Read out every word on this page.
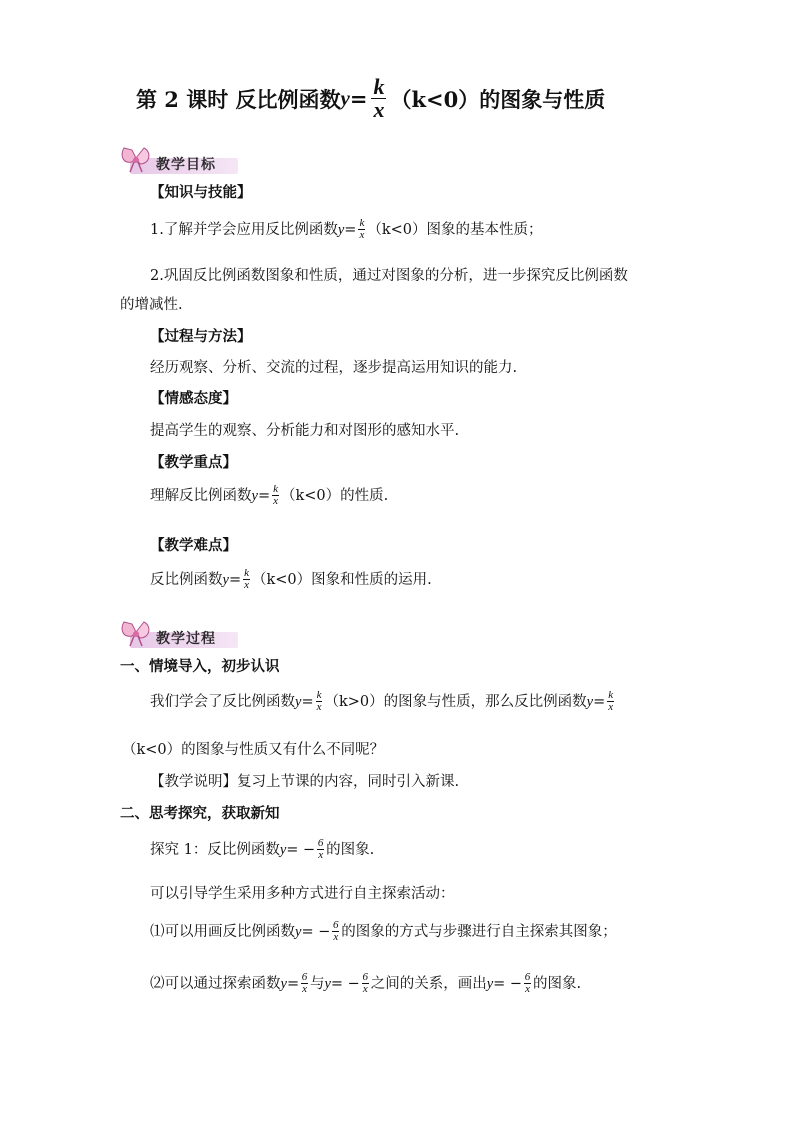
第 2 课时 反比例函数 $y = \frac{k}{x} (k<0)$的图象与性质
教学目标
【知识与技能】
1.了解并学会应用反比例函数 $y = \frac{k}{x} (k<0)$图象的基本性质；
2.巩固反比例函数图象和性质，通过对图象的分析，进一步探究反比例函数
的增减性.
【过程与方法】
经历观察、分析、交流的过程，逐步提高运用知识的能力.
【情感态度】
提高学生的观察、分析能力和对图形的感知水平.
【教学重点】
理解反比例函数 $y = \frac{k}{x} (k<0)$的性质.
【教学难点】
反比例函数 $y = \frac{k}{x} (k<0)$图象和性质的运用.
教学过程
一、情境导入，初步认识
我们学会了反比例函数 $y = \frac{k}{x} (k>0)$的图象与性质，那么反比例函数 $y = \frac{k}{x}$
（k<0）的图象与性质又有什么不同呢？
【教学说明】复习上节课的内容，同时引入新课.
二、思考探究，获取新知
探究 1：反比例函数 y = − $\frac{6}{x}$ 的图象.
可以引导学生采用多种方式进行自主探索活动：
⑴可以用画反比例函数 y = − $\frac{6}{x}$ 的图象的方式与步骤进行自主探索其图象；
⑵可以通过探索函数 $y = \frac{6}{x}$ 与 y = − $\frac{6}{x}$ 之间的关系，画出 y = − $\frac{6}{x}$ 的图象.
